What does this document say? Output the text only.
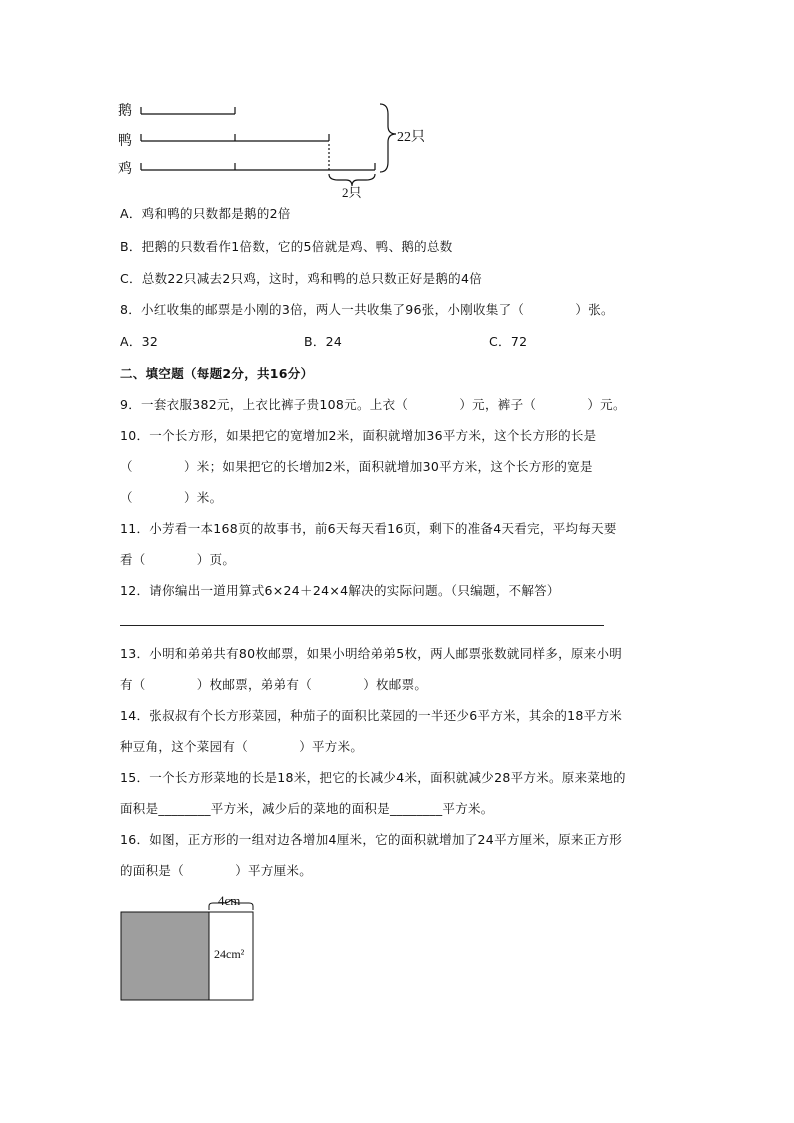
鹅
鸭
鸡
22只
2只
A．鸡和鸭的只数都是鹅的2倍
B．把鹅的只数看作1倍数，它的5倍就是鸡、鸭、鹅的总数
C．总数22只减去2只鸡，这时，鸡和鸭的总只数正好是鹅的4倍
8．小红收集的邮票是小刚的3倍，两人一共收集了96张，小刚收集了（　　　　）张。
A．32	B．24	C．72
二、填空题（每题2分，共16分）
9．一套衣服382元，上衣比裤子贵108元。上衣（　　　　）元，裤子（　　　　）元。
10．一个长方形，如果把它的宽增加2米，面积就增加36平方米，这个长方形的长是
（　　　　）米；如果把它的长增加2米，面积就增加30平方米，这个长方形的宽是
（　　　　）米。
11．小芳看一本168页的故事书，前6天每天看16页，剩下的准备4天看完，平均每天要
看（　　　　）页。
12．请你编出一道用算式6×24＋24×4解决的实际问题。（只编题，不解答）
13．小明和弟弟共有80枚邮票，如果小明给弟弟5枚，两人邮票张数就同样多，原来小明
有（　　　　）枚邮票，弟弟有（　　　　）枚邮票。
14．张叔叔有个长方形菜园，种茄子的面积比菜园的一半还少6平方米，其余的18平方米
种豆角，这个菜园有（　　　　）平方米。
15．一个长方形菜地的长是18米，把它的长减少4米，面积就减少28平方米。原来菜地的
面积是________平方米，减少后的菜地的面积是________平方米。
16．如图，正方形的一组对边各增加4厘米，它的面积就增加了24平方厘米，原来正方形
的面积是（　　　　）平方厘米。
4cm
24cm²
